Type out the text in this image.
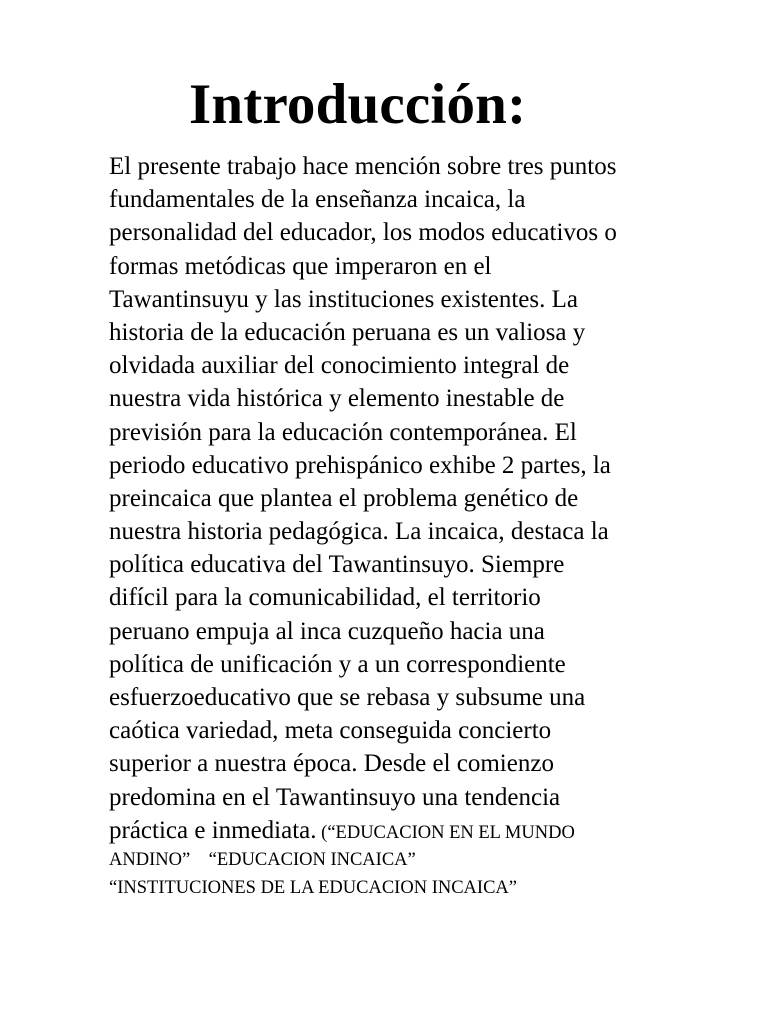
Introducción:
El presente trabajo hace mención sobre tres puntos
fundamentales de la enseñanza incaica, la
personalidad del educador, los modos educativos o
formas metódicas que imperaron en el
Tawantinsuyu y las instituciones existentes. La
historia de la educación peruana es un valiosa y
olvidada auxiliar del conocimiento integral de
nuestra vida histórica y elemento inestable de
previsión para la educación contemporánea. El
periodo educativo prehispánico exhibe 2 partes, la
preincaica que plantea el problema genético de
nuestra historia pedagógica. La incaica, destaca la
política educativa del Tawantinsuyo. Siempre
difícil para la comunicabilidad, el territorio
peruano empuja al inca cuzqueño hacia una
política de unificación y a un correspondiente
esfuerzoeducativo que se rebasa y subsume una
caótica variedad, meta conseguida concierto
superior a nuestra época. Desde el comienzo
predomina en el Tawantinsuyo una tendencia
práctica e inmediata. (“EDUCACION EN EL MUNDO
ANDINO”    “EDUCACION INCAICA”
“INSTITUCIONES DE LA EDUCACION INCAICA”
